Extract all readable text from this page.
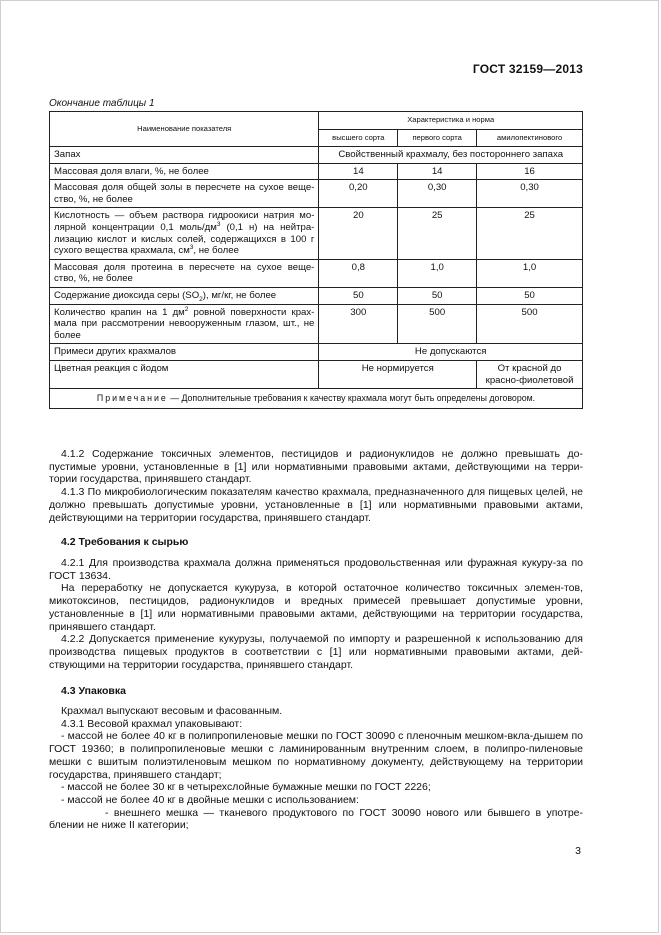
ГОСТ 32159—2013
Окончание таблицы 1
Наименование показателя	Характеристика и норма		
	высшего сорта	первого сорта	амилопектинового
Запах	Свойственный крахмалу, без постороннего запаха		
Массовая доля влаги, %, не более	14	14	16
Массовая доля общей золы в пересчете на сухое веще-ство, %, не более	0,20	0,30	0,30
Кислотность — объем раствора гидроокиси натрия мо-лярной концентрации 0,1 моль/$дм^3$ (0,1 н) на нейтра-лизацию кислот и кислых солей, содержащихся в 100 г сухого вещества крахмала, $см^3$, не более	20	25	25
Массовая доля протеина в пересчете на сухое веще-ство, %, не более	0,8	1,0	1,0
Содержание диоксида серы $(SO_2)$, мг/кг, не более	50	50	50
Количество крапин на 1 $дм^2$ ровной поверхности крах-мала при рассмотрении невооруженным глазом, шт., не более	300	500	500
Примеси других крахмалов	Не допускаются		
Цветная реакция с йодом	Не нормируется		От красной до красно-фиолетовой
Примечание — Дополнительные требования к качеству крахмала могут быть определены договором.			

4.1.2 Содержание токсичных элементов, пестицидов и радионуклидов не должно превышать до-пустимые уровни, установленные в [1] или нормативными правовыми актами, действующими на терри-тории государства, принявшего стандарт.

4.1.3 По микробиологическим показателям качество крахмала, предназначенного для пищевых целей, не должно превышать допустимые уровни, установленные в [1] или нормативными правовыми актами, действующими на территории государства, принявшего стандарт.

4.2 Требования к сырью

4.2.1 Для производства крахмала должна применяться продовольственная или фуражная кукуру-за по ГОСТ 13634.

На переработку не допускается кукуруза, в которой остаточное количество токсичных элемен-тов, микотоксинов, пестицидов, радионуклидов и вредных примесей превышает допустимые уровни, установленные в [1] или нормативными правовыми актами, действующими на территории государства, принявшего стандарт.

4.2.2 Допускается применение кукурузы, получаемой по импорту и разрешенной к использованию для производства пищевых продуктов в соответствии с [1] или нормативными правовыми актами, дей-ствующими на территории государства, принявшего стандарт.

4.3 Упаковка

Крахмал выпускают весовым и фасованным.

4.3.1 Весовой крахмал упаковывают:

- массой не более 40 кг в полипропиленовые мешки по ГОСТ 30090 с пленочным мешком-вкла-дышем по ГОСТ 19360; в полипропиленовые мешки с ламинированным внутренним слоем, в полипро-пиленовые мешки с вшитым полиэтиленовым мешком по нормативному документу, действующему на территории государства, принявшего стандарт;

- массой не более 30 кг в четырехслойные бумажные мешки по ГОСТ 2226;

- массой не более 40 кг в двойные мешки с использованием:

- внешнего мешка — тканевого продуктового по ГОСТ 30090 нового или бывшего в употре-блении не ниже II категории;

3
